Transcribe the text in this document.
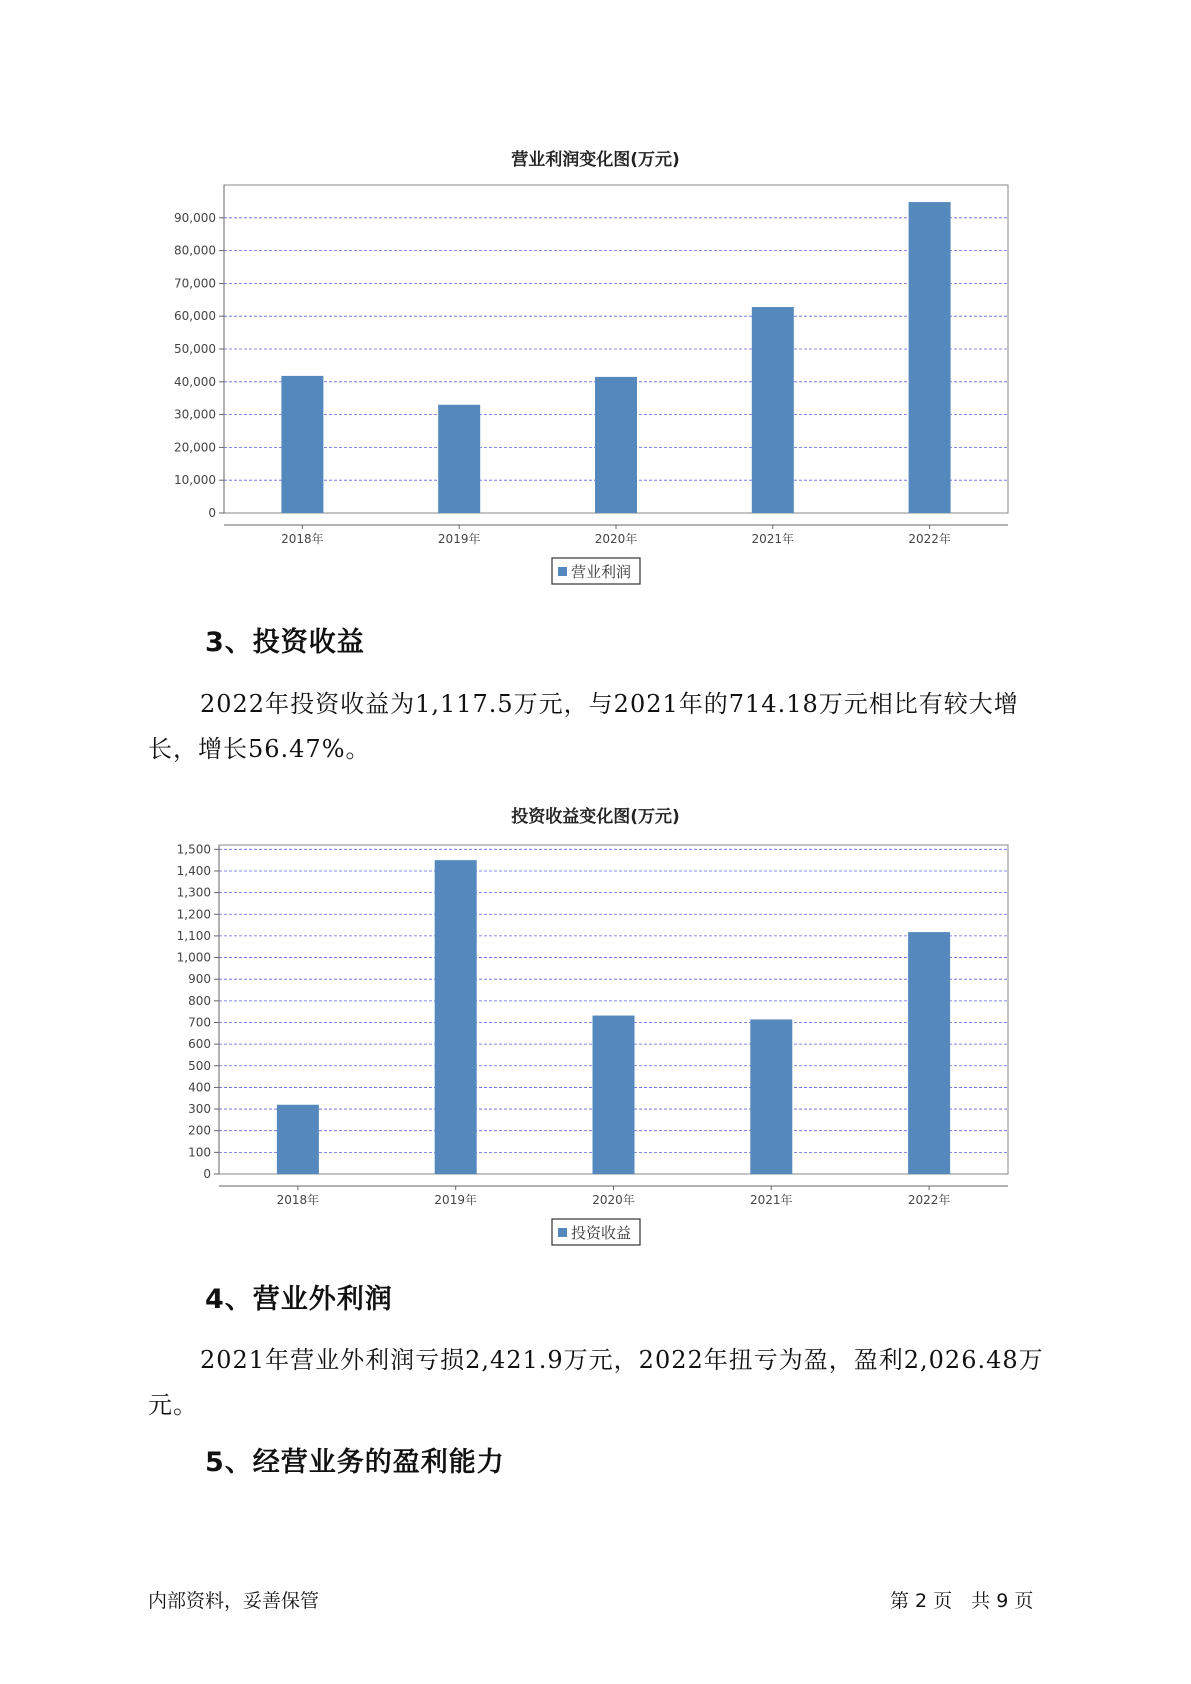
营业利润变化图(万元)
0
10,000
20,000
30,000
40,000
50,000
60,000
70,000
80,000
90,000
2018年	2019年	2020年	2021年	2022年
营业利润
3、投资收益
2022年投资收益为1,117.5万元，与2021年的714.18万元相比有较大增长，增长56.47%。
投资收益变化图(万元)
0
100
200
300
400
500
600
700
800
900
1,000
1,100
1,200
1,300
1,400
1,500
2018年	2019年	2020年	2021年	2022年
投资收益
4、营业外利润
2021年营业外利润亏损2,421.9万元，2022年扭亏为盈，盈利2,026.48万元。
5、经营业务的盈利能力
内部资料，妥善保管	第 2 页　共 9 页
